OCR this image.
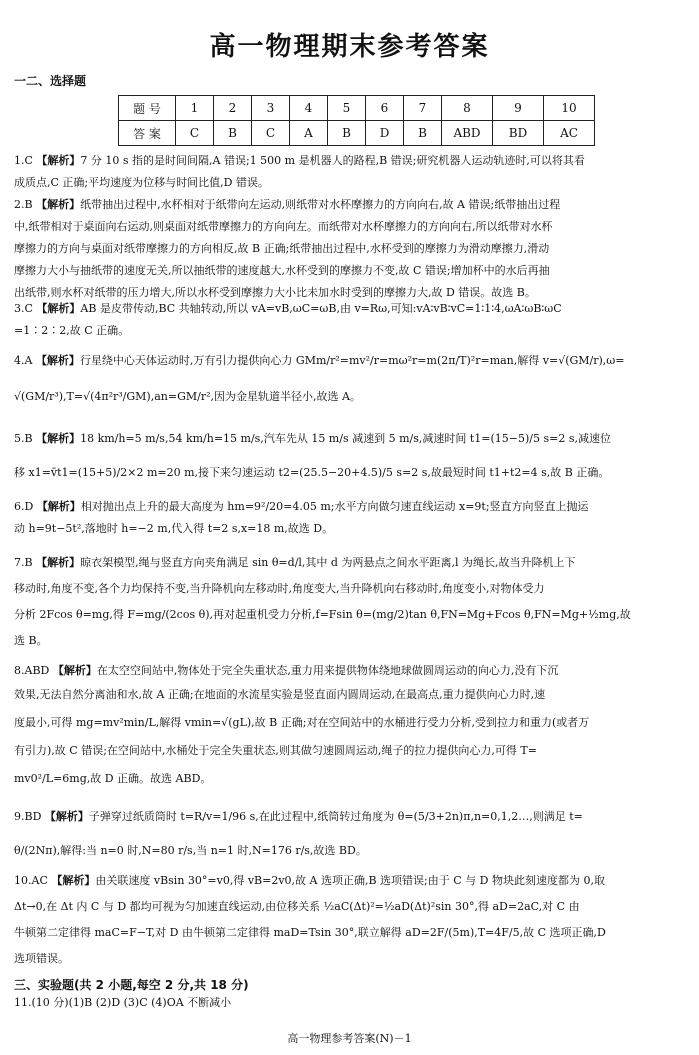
高一物理期末参考答案
一二、选择题
题 号	1	2	3	4	5	6	7	8	9	10
答 案	C	B	C	A	B	D	B	ABD	BD	AC
1.C 【解析】7 分 10 s 指的是时间间隔,A 错误;1 500 m 是机器人的路程,B 错误;研究机器人运动轨迹时,可以将其看
成质点,C 正确;平均速度为位移与时间比值,D 错误。
2.B 【解析】纸带抽出过程中,水杯相对于纸带向左运动,则纸带对水杯摩擦力的方向向右,故 A 错误;纸带抽出过程
中,纸带相对于桌面向右运动,则桌面对纸带摩擦力的方向向左。而纸带对水杯摩擦力的方向向右,所以纸带对水杯
摩擦力的方向与桌面对纸带摩擦力的方向相反,故 B 正确;纸带抽出过程中,水杯受到的摩擦力为滑动摩擦力,滑动
摩擦力大小与抽纸带的速度无关,所以抽纸带的速度越大,水杯受到的摩擦力不变,故 C 错误;增加杯中的水后再抽
出纸带,则水杯对纸带的压力增大,所以水杯受到摩擦力大小比未加水时受到的摩擦力大,故 D 错误。故选 B。
3.C 【解析】AB 是皮带传动,BC 共轴转动,所以 vA=vB,ωC=ωB,由 v=Rω,可知:vA∶vB∶vC=1∶1∶4,ωA∶ωB∶ωC
=1∶2∶2,故 C 正确。
4.A 【解析】行星绕中心天体运动时,万有引力提供向心力 GMm/r²=mv²/r=mω²r=m(2π/T)²r=man,解得 v=√(GM/r),ω=
√(GM/r³),T=√(4π²r³/GM),an=GM/r²,因为金星轨道半径小,故选 A。
5.B 【解析】18 km/h=5 m/s,54 km/h=15 m/s,汽车先从 15 m/s 减速到 5 m/s,减速时间 t1=(15−5)/5 s=2 s,减速位
移 x1=v̄t1=(15+5)/2×2 m=20 m,接下来匀速运动 t2=(25.5−20+4.5)/5 s=2 s,故最短时间 t1+t2=4 s,故 B 正确。
6.D 【解析】相对抛出点上升的最大高度为 hm=9²/20=4.05 m;水平方向做匀速直线运动 x=9t;竖直方向竖直上抛运
动 h=9t−5t²,落地时 h=−2 m,代入得 t=2 s,x=18 m,故选 D。
7.B 【解析】晾衣架模型,绳与竖直方向夹角满足 sin θ=d/l,其中 d 为两悬点之间水平距离,l 为绳长,故当升降机上下
移动时,角度不变,各个力均保持不变,当升降机向左移动时,角度变大,当升降机向右移动时,角度变小,对物体受力
分析 2Fcos θ=mg,得 F=mg/(2cos θ),再对起重机受力分析,f=Fsin θ=(mg/2)tan θ,FN=Mg+Fcos θ,FN=Mg+½mg,故
选 B。
8.ABD 【解析】在太空空间站中,物体处于完全失重状态,重力用来提供物体绕地球做圆周运动的向心力,没有下沉
效果,无法自然分离油和水,故 A 正确;在地面的水流星实验是竖直面内圆周运动,在最高点,重力提供向心力时,速
度最小,可得 mg=mv²min/L,解得 vmin=√(gL),故 B 正确;对在空间站中的水桶进行受力分析,受到拉力和重力(或者万
有引力),故 C 错误;在空间站中,水桶处于完全失重状态,则其做匀速圆周运动,绳子的拉力提供向心力,可得 T=
mv0²/L=6mg,故 D 正确。故选 ABD。
9.BD 【解析】子弹穿过纸质筒时 t=R/v=1/96 s,在此过程中,纸筒转过角度为 θ=(5/3+2n)π,n=0,1,2…,则满足 t=
θ/(2Nπ),解得:当 n=0 时,N=80 r/s,当 n=1 时,N=176 r/s,故选 BD。
10.AC 【解析】由关联速度 vBsin 30°=v0,得 vB=2v0,故 A 选项正确,B 选项错误;由于 C 与 D 物块此刻速度都为 0,取
Δt→0,在 Δt 内 C 与 D 都均可视为匀加速直线运动,由位移关系 ½aC(Δt)²=½aD(Δt)²sin 30°,得 aD=2aC,对 C 由
牛顿第二定律得 maC=F−T,对 D 由牛顿第二定律得 maD=Tsin 30°,联立解得 aD=2F/(5m),T=4F/5,故 C 选项正确,D
选项错误。
三、实验题(共 2 小题,每空 2 分,共 18 分)
11.(10 分)(1)B (2)D (3)C (4)OA 不断减小
高一物理参考答案(N)－1
